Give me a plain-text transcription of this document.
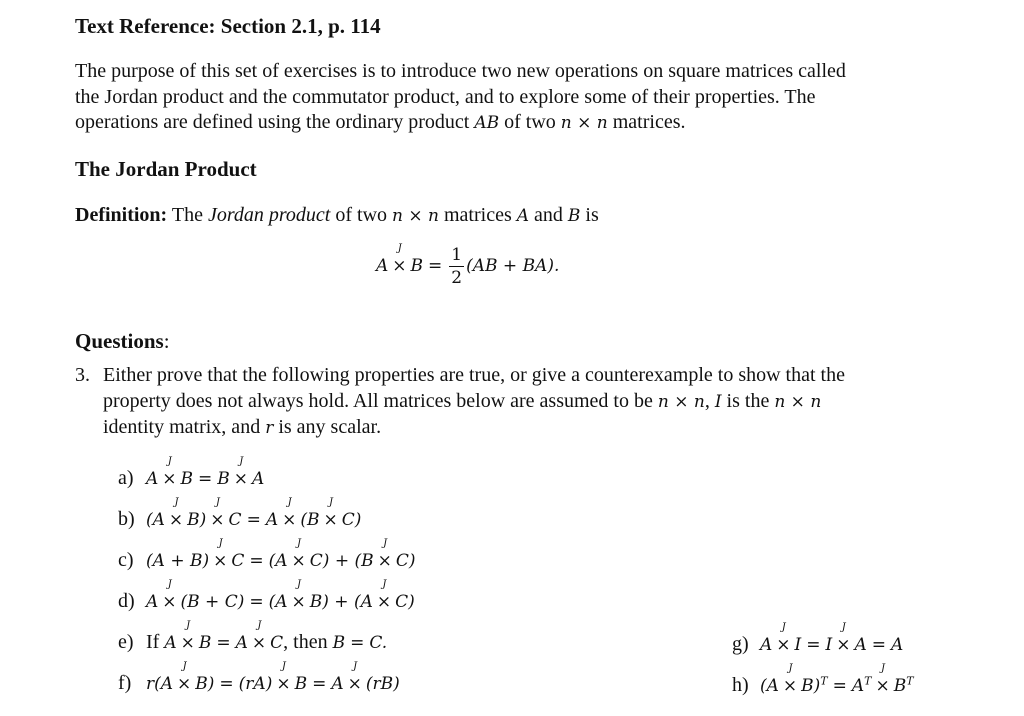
Text Reference: Section 2.1, p. 114
The purpose of this set of exercises is to introduce two new operations on square matrices called
the Jordan product and the commutator product, and to explore some of their properties. The
operations are defined using the ordinary product AB of two n × n matrices.
The Jordan Product
Definition: The Jordan product of two n × n matrices A and B is
A ×
J
$B = \frac{1}{2} (AB + BA)$.
Questions:
3. Either prove that the following properties are true, or give a counterexample to show that the
property does not always hold. All matrices below are assumed to be n × n, I is the n × n
identity matrix, and r is any scalar.
a) A ×
J
B = B ×
J
A
b) (A ×
J
B) ×
J
C = A ×
J
(B ×
J
C)
c) (A + B) ×
J
C = (A ×
J
C) + (B ×
J
C)
d) A ×
J
(B + C) = (A ×
J
B) + (A ×
J
C)
e) If A ×
J
B = A ×
J
C, then B = C.
f) r(A ×
J
B) = (rA) ×
J
B = A ×
J
(rB)
g) A ×
J
I = I ×
J
A = A
h) (A ×
J
$B)^T = A^T$ ×
J
$B^T$
